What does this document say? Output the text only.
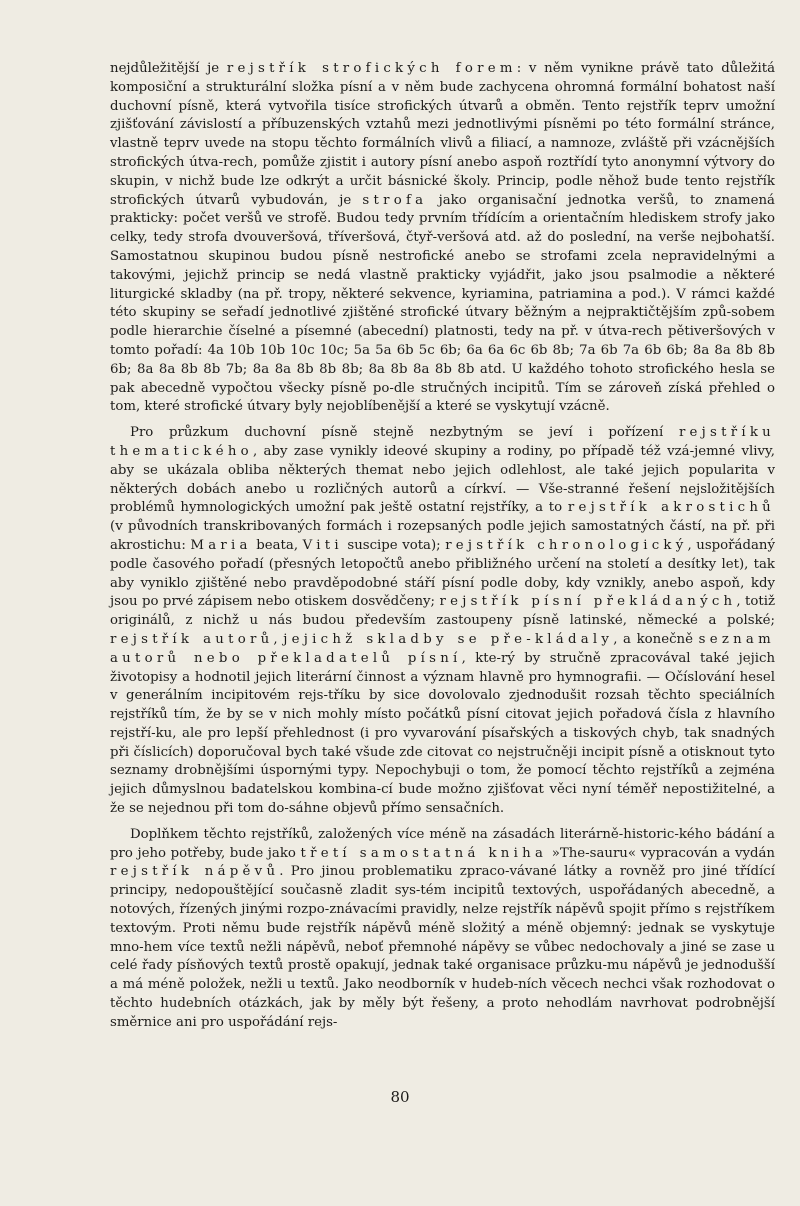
nejdůležitější je rejstřík strofických forem: v něm vynikne právě tato důležitá komposiční a strukturální složka písní a v něm bude zachycena ohromná formální bohatost naší duchovní písně, která vytvořila tisíce strofických útvarů a obměn. Tento rejstřík teprv umožní zjišťování závislostí a příbuzenských vztahů mezi jednotlivými písněmi po této formální stránce, vlastně teprv uvede na stopu těchto formálních vlivů a filiací, a namnoze, zvláště při vzácnějších strofických útva-rech, pomůže zjistit i autory písní anebo aspoň roztřídí tyto anonymní výtvory do skupin, v nichž bude lze odkrýt a určit básnické školy. Princip, podle něhož bude tento rejstřík strofických útvarů vybudován, je strofa jako organisační jednotka veršů, to znamená prakticky: počet veršů ve strofě. Budou tedy prvním třídícím a orientačním hlediskem strofy jako celky, tedy strofa dvouveršová, tříveršová, čtyř-veršová atd. až do poslední, na verše nejbohatší. Samostatnou skupinou budou písně nestrofické anebo se strofami zcela nepravidelnými a takovými, jejichž princip se nedá vlastně prakticky vyjádřit, jako jsou psalmodie a některé liturgické skladby (na př. tropy, některé sekvence, kyriamina, patriamina a pod.). V rámci každé této skupiny se seřadí jednotlivé zjištěné strofické útvary běžným a nejpraktičtějším způ-sobem podle hierarchie číselné a písemné (abecední) platnosti, tedy na př. v útva-rech pětiveršových v tomto pořadí: 4a 10b 10b 10c 10c; 5a 5a 6b 5c 6b; 6a 6a 6c 6b 8b; 7a 6b 7a 6b 6b; 8a 8a 8b 8b 6b; 8a 8a 8b 8b 7b; 8a 8a 8b 8b 8b; 8a 8b 8a 8b 8b atd. U každého tohoto strofického hesla se pak abecedně vypočtou všecky písně po-dle stručných incipitů. Tím se zároveň získá přehled o tom, které strofické útvary byly nejoblíbenější a které se vyskytují vzácně.

Pro průzkum duchovní písně stejně nezbytným se jeví i pořízení rejstříku thematického, aby zase vynikly ideové skupiny a rodiny, po případě též vzá-jemné vlivy, aby se ukázala obliba některých themat nebo jejich odlehlost, ale také jejich popularita v některých dobách anebo u rozličných autorů a církví. — Vše-stranné řešení nejsložitějších problémů hymnologických umožní pak ještě ostatní rejstříky, a to rejstřík akrostichů (v původních transkribovaných formách i rozepsaných podle jejich samostatných částí, na př. při akrostichu: Maria beata, Viti suscipe vota); rejstřík chronologický, uspořádaný podle časového pořadí (přesných letopočtů anebo přibližného určení na století a desítky let), tak aby vyniklo zjištěné nebo pravděpodobné stáří písní podle doby, kdy vznikly, anebo aspoň, kdy jsou po prvé zápisem nebo otiskem dosvědčeny; rejstřík písní překládaných, totiž originálů, z nichž u nás budou především zastoupeny písně latinské, německé a polské; rejstřík autorů, jejichž skladby se pře-kládaly, a konečně seznam autorů nebo překladatelů písní, kte-rý by stručně zpracovával také jejich životopisy a hodnotil jejich literární činnost a význam hlavně pro hymnografii. — Očíslování hesel v generálním incipitovém rejs-tříku by sice dovolovalo zjednodušit rozsah těchto speciálních rejstříků tím, že by se v nich mohly místo počátků písní citovat jejich pořadová čísla z hlavního rejstří-ku, ale pro lepší přehlednost (i pro vyvarování písařských a tiskových chyb, tak snadných při číslicích) doporučoval bych také všude zde citovat co nejstručněji incipit písně a otisknout tyto seznamy drobnějšími úspornými typy. Nepochybuji o tom, že pomocí těchto rejstříků a zejména jejich důmyslnou badatelskou kombina-cí bude možno zjišťovat věci nyní téměř nepostižitelné, a že se nejednou při tom do-sáhne objevů přímo sensačních.

Doplňkem těchto rejstříků, založených více méně na zásadách literárně-historic-kého bádání a pro jeho potřeby, bude jako třetí samostatná kniha »The-sauru« vypracován a vydán rejstřík nápěvů. Pro jinou problematiku zpraco-vávané látky a rovněž pro jiné třídící principy, nedopouštějící současně zladit sys-tém incipitů textových, uspořádaných abecedně, a notových, řízených jinými rozpo-znávacími pravidly, nelze rejstřík nápěvů spojit přímo s rejstříkem textovým. Proti němu bude rejstřík nápěvů méně složitý a méně objemný: jednak se vyskytuje mno-hem více textů nežli nápěvů, neboť přemnohé nápěvy se vůbec nedochovaly a jiné se zase u celé řady písňových textů prostě opakují, jednak také organisace průzku-mu nápěvů je jednodušší a má méně položek, nežli u textů. Jako neodborník v hudeb-ních věcech nechci však rozhodovat o těchto hudebních otázkách, jak by měly být řešeny, a proto nehodlám navrhovat podrobnější směrnice ani pro uspořádání rejs-

80
